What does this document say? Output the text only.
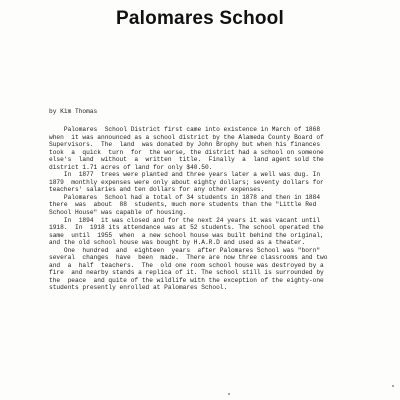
Palomares School
by Kim Thomas
Palomares  School District first came into existence in March of 1868
when  it was announced as a school district by the Alameda County Board of
Supervisors.  The  land  was donated by John Brophy but when his finances
took  a  quick  turn  for  the worse, the district had a school on someone
else's  land  without  a  written  title.  Finally  a  land agent sold the
district 1.71 acres of land for only $40.50.
In  1877  trees were planted and three years later a well was dug. In
1879  monthly expenses were only about eighty dollars; seventy dollars for
teachers' salaries and ten dollars for any other expenses.
Palomares  School had a total of 34 students in 1878 and then in 1884
there  was  about  88  students, much more students than the "Little Red
School House" was capable of housing.
In  1894  it was closed and for the next 24 years it was vacant until
1918.  In  1918 its attendance was at 52 students. The school operated the
same  until  1955  when  a new school house was built behind the original,
and the old school house was bought by H.A.R.D and used as a theater.
One  hundred  and  eighteen  years  after Palomares School was "born"
several  changes  have  been  made.  There are now three classrooms and two
and  a  half  teachers.  The  old one room school house was destroyed by a
fire  and nearby stands a replica of it. The school still is surrounded by
the  peace  and quite of the wildlife with the exception of the eighty-one
students presently enrolled at Palomares School.
